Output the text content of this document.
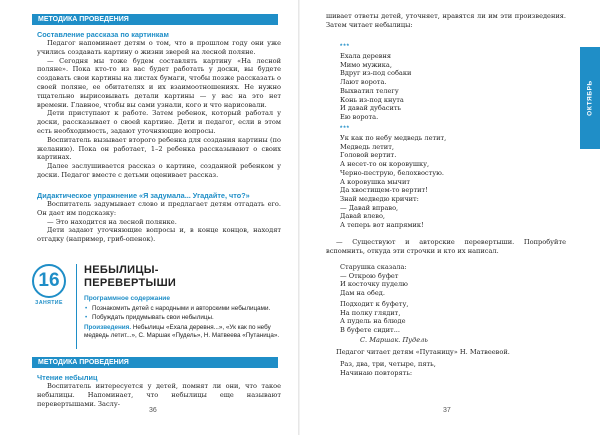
МЕТОДИКА ПРОВЕДЕНИЯ
Составление рассказа по картинкам

Педагог напоминает детям о том, что в прошлом году они уже учились создавать картину о жизни зверей на лесной поляне.

— Сегодня мы тоже будем составлять картину «На лесной поляне». Пока кто-то из вас будет работать у доски, вы будете создавать свои картины на листах бумаги, чтобы позже рассказать о своей поляне, ее обитателях и их взаимоотношениях. Не нужно тщательно вырисовывать детали картины — у вас на это нет времени. Главное, чтобы вы сами узнали, кого и что нарисовали.

Дети приступают к работе. Затем ребенок, который работал у доски, рассказывает о своей картине. Дети и педагог, если в этом есть необходимость, задают уточняющие вопросы.

Воспитатель вызывает второго ребенка для создания картины (по желанию). Пока он работает, 1–2 ребенка рассказывают о своих картинах.

Далее заслушивается рассказ о картине, созданной ребенком у доски. Педагог вместе с детьми оценивает рассказ.

Дидактическое упражнение «Я задумала... Угадайте, что?»

Воспитатель задумывает слово и предлагает детям отгадать его. Он дает им подсказку:

— Это находится на лесной полянке.

Дети задают уточняющие вопросы и, в конце концов, находят отгадку (например, гриб-опенок).

16
ЗАНЯТИЕ
НЕБЫЛИЦЫ-
ПЕРЕВЕРТЫШИ
Программное содержание
• Познакомить детей с народными и авторскими небылицами.
• Побуждать придумывать свои небылицы.
Произведения. Небылицы «Ехала деревня...», «Ук как по небу медведь летит...», С. Маршак «Пудель», Н. Матвеева «Путаница».
МЕТОДИКА ПРОВЕДЕНИЯ
Чтение небылиц

Воспитатель интересуется у детей, помнят ли они, что такое небылицы. Напоминает, что небылицы еще называют перевертышами. Заслу-

36

шивает ответы детей, уточняет, нравятся ли им эти произведения. Затем читает небылицы:

***
Ехала деревня
Мимо мужика,
Вдруг из-под собаки
Лают ворота.
Выхватил телегу
Конь из-под кнута
И давай дубасить
Ею ворота.
***
Ук как по небу медведь летит,
Медведь летит,
Головой вертит.
А несет-то он коровушку,
Черно-пеструю, белохвостую.
А коровушка мычит
Да хвостищем-то вертит!
Знай медведю кричит:
— Давай вправо,
Давай влево,
А теперь вот напрямик!

— Существуют и авторские перевертыши. Попробуйте вспомнить, откуда эти строчки и кто их написал.

Старушка сказала:
— Открою буфет
И косточку пуделю
Дам на обед.
Подходит к буфету,
На полку глядит,
А пудель на блюде
В буфете сидит...
С. Маршак. Пудель

Педагог читает детям «Путаницу» Н. Матвеевой.

Раз, два, три, четыре, пять,
Начинаю повторять:
ОКТЯБРЬ
37
